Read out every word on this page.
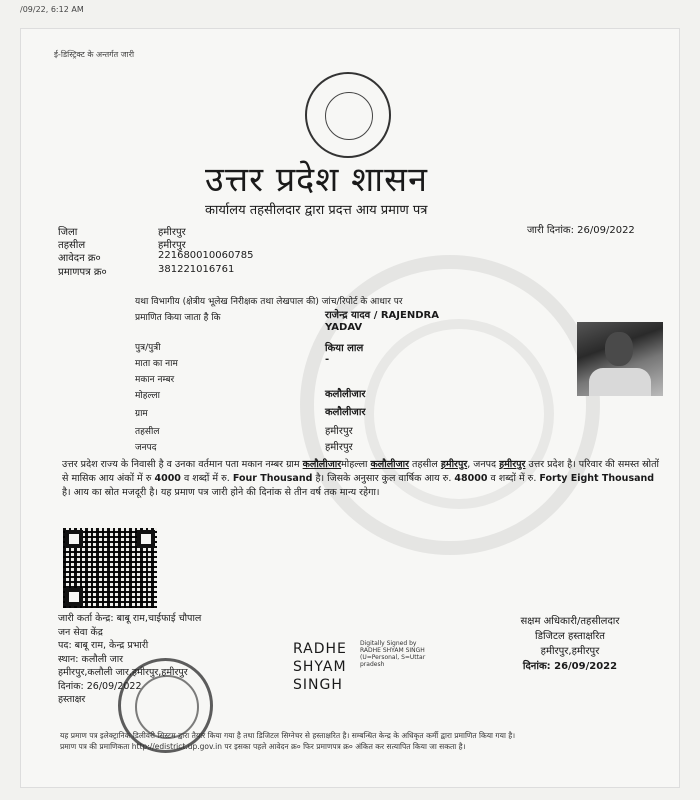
/09/22, 6:12 AM
ई-डिस्ट्रिक्ट के अन्तर्गत जारी
उत्तर प्रदेश शासन
कार्यालय तहसीलदार द्वारा प्रदत्त आय प्रमाण पत्र
जारी दिनांक: 26/09/2022
जिला	हमीरपुर
तहसील	हमीरपुर
आवेदन क्र०	221680010060785
प्रमाणपत्र क्र०	381221016761
यथा विभागीय (क्षेत्रीय भूलेख निरीक्षक तथा लेखपाल की) जांच/रिपोर्ट के आधार पर
प्रमाणित किया जाता है कि	राजेन्द्र यादव / RAJENDRA
YADAV
पुत्र/पुत्री	किया लाल
माता का नाम	-
मकान नम्बर
मोहल्ला	कलौलीजार
ग्राम	कलौलीजार
तहसील	हमीरपुर
जनपद	हमीरपुर
उत्तर प्रदेश राज्य के निवासी है व उनका वर्तमान पता मकान नम्बर ग्राम कलौलीजारमोहल्ला कलौलीजार तहसील हमीरपुर, जनपद हमीरपुर उत्तर प्रदेश है। परिवार की समस्त स्रोतों से मासिक आय अंकों में रु 4000 व शब्दों में रु. Four Thousand है। जिसके अनुसार कुल वार्षिक आय रु. 48000 व शब्दों में रु. Forty Eight Thousand है। आय का स्रोत मजदूरी है। यह प्रमाण पत्र जारी होने की दिनांक से तीन वर्ष तक मान्य रहेगा।
जारी कर्ता केन्द्र: बाबू राम,चाईफाई चौपाल
जन सेवा केंद्र
पद: बाबू राम, केन्द्र प्रभारी
स्थान: कलौली जार
हमीरपुर,कलौली जार,हमीरपुर,हमीरपुर
दिनांक: 26/09/2022
हस्ताक्षर
RADHE
SHYAM
SINGH
Digitally Signed by
RADHE SHYAM SINGH
(U=Personal, S=Uttar
pradesh
सक्षम अधिकारी/तहसीलदार
डिजिटल हस्ताक्षरित
हमीरपुर,हमीरपुर
दिनांक: 26/09/2022
यह प्रमाण पत्र इलेक्ट्रानिक डिलीवरी सिस्टम द्वारा तैयार किया गया है तथा डिजिटल सिग्नेचर से हस्ताक्षरित है। सम्बन्धित केन्द्र के अधिकृत कर्मी द्वारा प्रमाणित किया गया है।
प्रमाण पत्र की प्रमाणिकता http://edistrict.up.gov.in पर इसका पहले आवेदन क्र० फिर प्रमाणपत्र क्र० अंकित कर सत्यापित किया जा सकता है।
